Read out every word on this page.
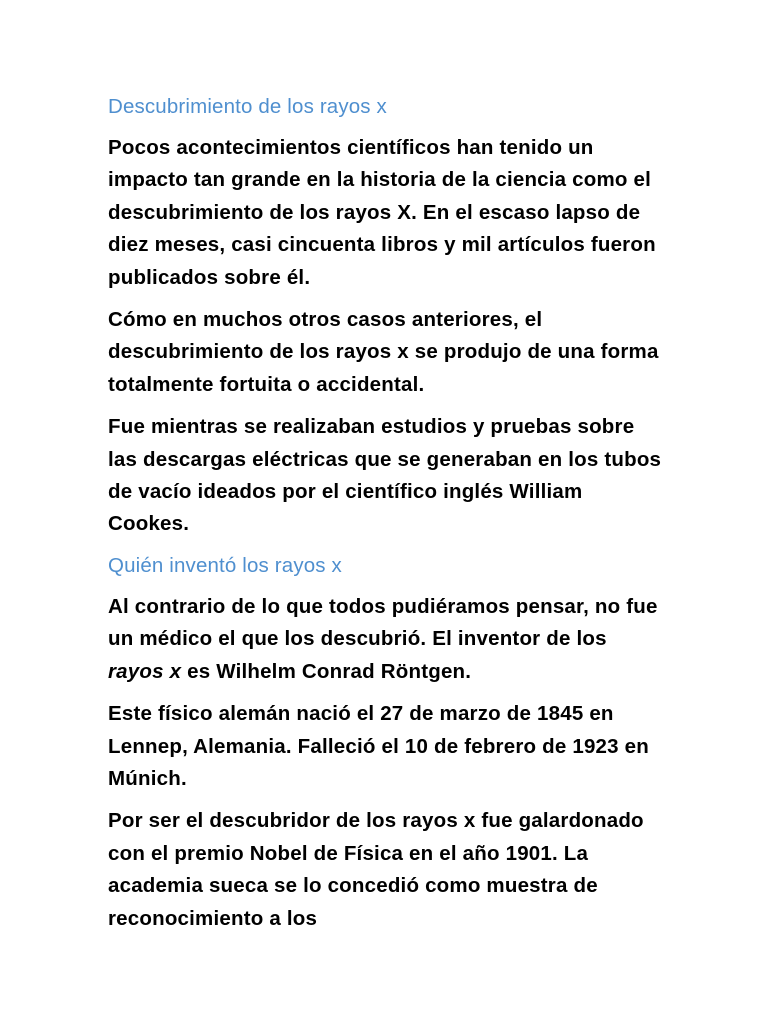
Descubrimiento de los rayos x

Pocos acontecimientos científicos han tenido un impacto tan grande en la historia de la ciencia como el descubrimiento de los rayos X. En el escaso lapso de diez meses, casi cincuenta libros y mil artículos fueron publicados sobre él.

Cómo en muchos otros casos anteriores, el descubrimiento de los rayos x se produjo de una forma totalmente fortuita o accidental.

Fue mientras se realizaban estudios y pruebas sobre las descargas eléctricas que se generaban en los tubos de vacío ideados por el científico inglés William Cookes.

Quién inventó los rayos x

Al contrario de lo que todos pudiéramos pensar, no fue un médico el que los descubrió. El inventor de los rayos x es Wilhelm Conrad Röntgen.

Este físico alemán nació el 27 de marzo de 1845 en Lennep, Alemania. Falleció el 10 de febrero de 1923 en Múnich.

Por ser el descubridor de los rayos x fue galardonado con el premio Nobel de Física en el año 1901. La academia sueca se lo concedió como muestra de reconocimiento a los
